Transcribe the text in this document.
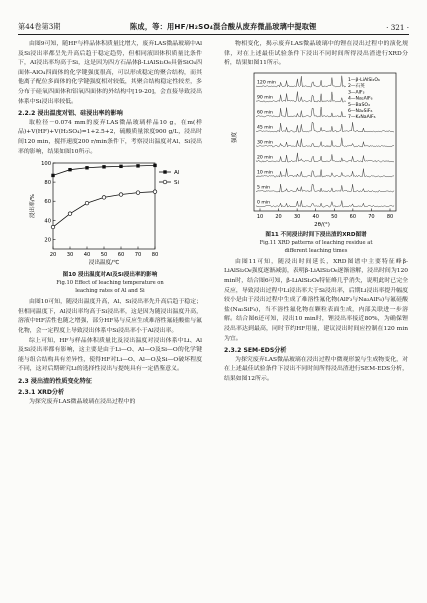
第44卷第3期	陈成，等：用HF/H₂SO₄混合酸从废弃微晶玻璃中提取锂	· 321 ·

由图9可知，随HF与样品体积质量比增大，废弃LAS微晶玻璃中Al及Si浸出率都呈先升高后趋于稳定趋势，但相同液固体积质量比条件下，Al浸出率均高于Si，这是因为四方石晶体β-LiAlSi₂O₆具备SiO₄四面体-AlO₄四面体的化学键强度很高，可以形成稳定的聚合结构，而其他离子配位多面体的化学键强度相对较低，其聚合结构稳定性较差，多分布于硅氧四面体和铝氧四面体的外结构中[19-20]，会直接导致浸出体系中Si浸出率较低。

2.2.2 浸出温度对铝、硅浸出率的影响

取粒径－0.074 mm的废弃LAS微晶玻璃样品10 g，在m(样品)+V(HF)+V(H₂SO₄)=1+2.5+2，硫酸质量浓度900 g/L，浸出时间120 min，搅拌速度200 r/min条件下，考察浸出温度对Al、Si浸出率的影响，结果如图10所示。

20
40
60
80
100
20 30 40 50 60 70 80
浸出温度/℃
浸出率/%
Al
Si
图10 浸出温度对Al及Si浸出率的影响
Fig.10 Effect of leaching temperature on
leaching rates of Al and Si

由图10可知，随浸出温度升高，Al、Si浸出率先升高后趋于稳定；但相同温度下，Al浸出率均高于Si浸出率，这是因为随浸出温度升高，溶液中HF活性也随之增强，部分HF易与反应生成难溶性氟硅酸盐与氟化物，会一定程度上导致浸出体系中Si浸出率小于Al浸出率。

综上可知，HF与样品体积质量比及浸出温度对浸出体系中Li、Al及Si浸出率都有影响，这主要是由于Li—O、Al—O及Si—O的化学键能与组合结构具有差异性，使得HF对Li—O、Al—O及Si—O破坏程度不同，这对后期研究Li的选择性浸出与提纯具有一定借鉴意义。

2.3 浸出渣的性质变化特征
2.3.1 XRD分析

为探究废弃LAS微晶玻璃在浸出过程中的

物相变化，揭示废弃LAS微晶玻璃中的锂在浸出过程中的演化规律，对在上述最佳试验条件下浸出不同时间所得浸出渣进行XRD分析，结果如图11所示。

强度
2θ/(°)
10 20 30 40 50 60 70 80
120 min
90 min
60 min
45 min
30 min
20 min
10 min
5 min
0 min
1—β-LiAlSi₂O₆
2—石英
3—AlF₃
4—Na₂AlF₆
5—BaSO₄
6—Na₂SiF₆
7—K₂NaAlF₆
图11 不同浸出时间下浸出渣的XRD图谱
Fig.11 XRD patterns of leaching residue at
different leaching times

由图11可知，随浸出时间延长，XRD图谱中主要特征峰β-LiAlSi₂O₆强度逐渐减弱，表明β-LiAlSi₂O₆逐渐溶解，浸出时间为120 min时，结合图6可知，β-LiAlSi₂O₆特征峰几乎消失，说明此时已完全反应，导致浸出过程中Li浸出率大于Si浸出率，后期Li浸出率提升幅度较小是由于浸出过程中生成了难溶性氟化物(AlF₃与Na₃AlF₆)与氟硅酸盐(Na₂SiF₆)，当不溶性氟化物在颗粒表面生成，内部关联进一步溶解。结合图6还可知，浸出10 min时，锂浸出率接近80%，为确保锂浸出率达到最高，同时节约HF用量，建议浸出时间应控制在120 min为宜。

2.3.2 SEM-EDS分析

为探究废弃LAS微晶玻璃在浸出过程中微观形貌与生成物变化，对在上述最佳试验条件下浸出不同时间所得浸出渣进行SEM-EDS分析，结果如图12所示。
